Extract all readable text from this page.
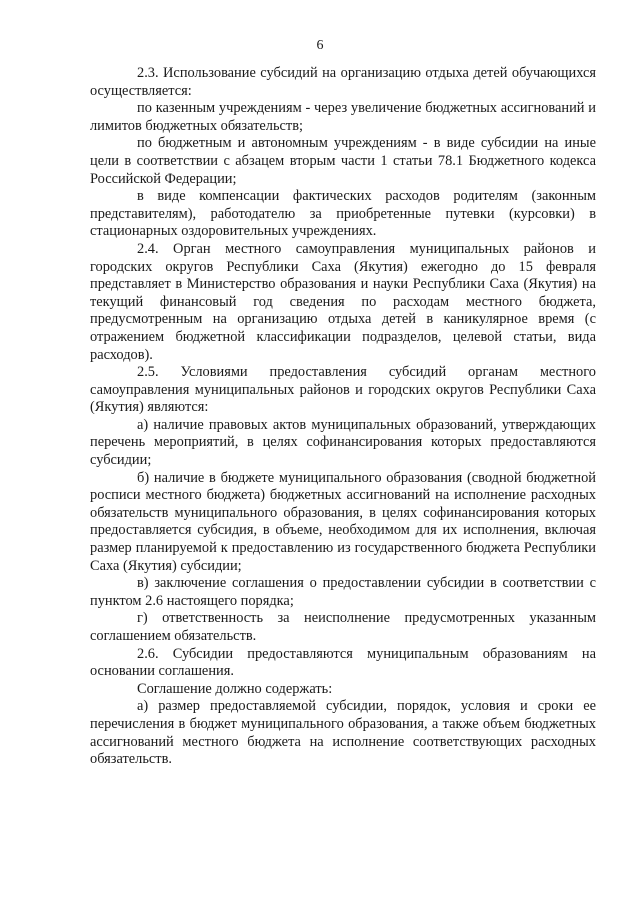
6

2.3. Использование субсидий на организацию отдыха детей обучающихся осуществляется:

по казенным учреждениям - через увеличение бюджетных ассигнований и лимитов бюджетных обязательств;

по бюджетным и автономным учреждениям - в виде субсидии на иные цели в соответствии с абзацем вторым части 1 статьи 78.1 Бюджетного кодекса Российской Федерации;

в виде компенсации фактических расходов родителям (законным представителям), работодателю за приобретенные путевки (курсовки) в стационарных оздоровительных учреждениях.

2.4. Орган местного самоуправления муниципальных районов и городских округов Республики Саха (Якутия) ежегодно до 15 февраля представляет в Министерство образования и науки Республики Саха (Якутия) на текущий финансовый год сведения по расходам местного бюджета, предусмотренным на организацию отдыха детей в каникулярное время (с отражением бюджетной классификации подразделов, целевой статьи, вида расходов).

2.5. Условиями предоставления субсидий органам местного самоуправления муниципальных районов и городских округов Республики Саха (Якутия) являются:

а) наличие правовых актов муниципальных образований, утверждающих перечень мероприятий, в целях софинансирования которых предоставляются субсидии;

б) наличие в бюджете муниципального образования (сводной бюджетной росписи местного бюджета) бюджетных ассигнований на исполнение расходных обязательств муниципального образования, в целях софинансирования которых предоставляется субсидия, в объеме, необходимом для их исполнения, включая размер планируемой к предоставлению из государственного бюджета Республики Саха (Якутия) субсидии;

в) заключение соглашения о предоставлении субсидии в соответствии с пунктом 2.6 настоящего порядка;

г) ответственность за неисполнение предусмотренных указанным соглашением обязательств.

2.6. Субсидии предоставляются муниципальным образованиям на основании соглашения.

Соглашение должно содержать:

а) размер предоставляемой субсидии, порядок, условия и сроки ее перечисления в бюджет муниципального образования, а также объем бюджетных ассигнований местного бюджета на исполнение соответствующих расходных обязательств.
